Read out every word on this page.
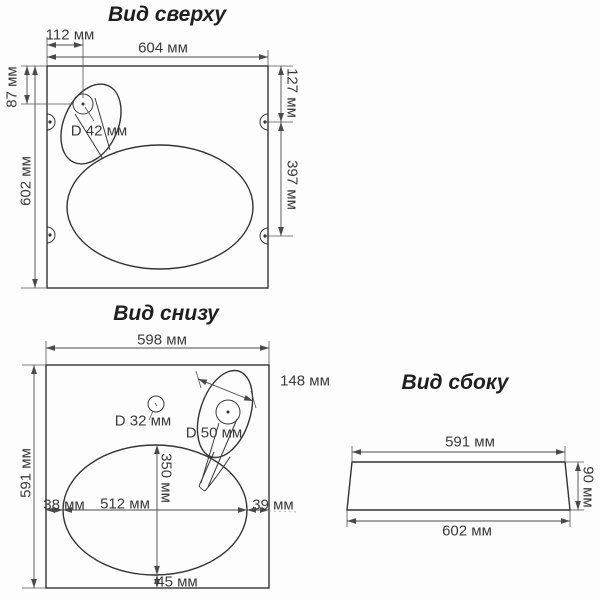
Вид сверху
112 мм
604 мм
87 мм
602 мм
D 42 мм
127 мм
397 мм
Вид снизу
598 мм
591 мм
D 32 мм
D 50 мм
148 мм
350 мм
38 мм 512 мм	39 мм
45 мм
Вид сбоку
591 мм
90 мм
602 мм
